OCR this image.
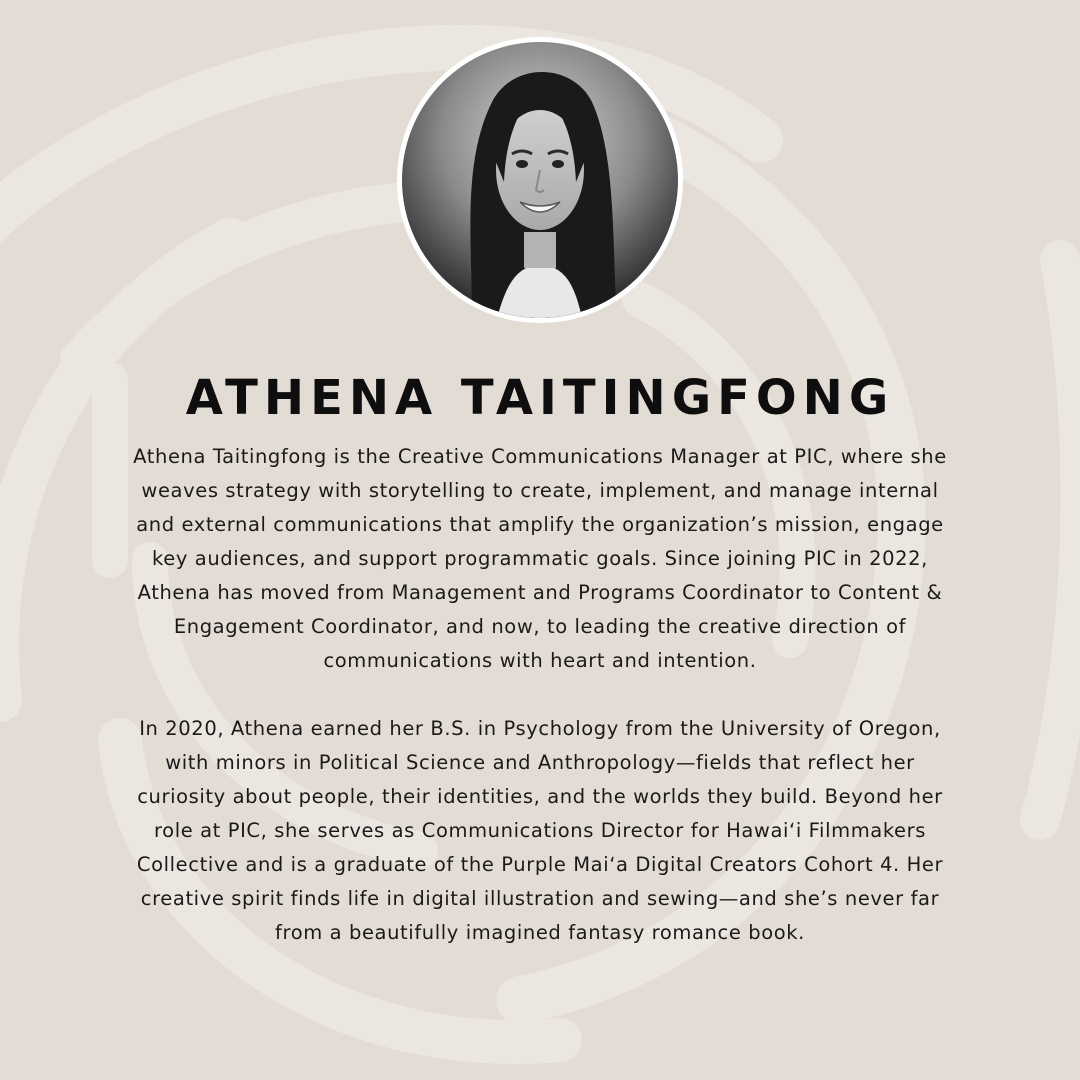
ATHENA TAITINGFONG

Athena Taitingfong is the Creative Communications Manager at PIC, where she
weaves strategy with storytelling to create, implement, and manage internal
and external communications that amplify the organization’s mission, engage
key audiences, and support programmatic goals. Since joining PIC in 2022,
Athena has moved from Management and Programs Coordinator to Content &
Engagement Coordinator, and now, to leading the creative direction of
communications with heart and intention.

In 2020, Athena earned her B.S. in Psychology from the University of Oregon,
with minors in Political Science and Anthropology—fields that reflect her
curiosity about people, their identities, and the worlds they build. Beyond her
role at PIC, she serves as Communications Director for Hawaiʻi Filmmakers
Collective and is a graduate of the Purple Maiʻa Digital Creators Cohort 4. Her
creative spirit finds life in digital illustration and sewing—and she’s never far
from a beautifully imagined fantasy romance book.
